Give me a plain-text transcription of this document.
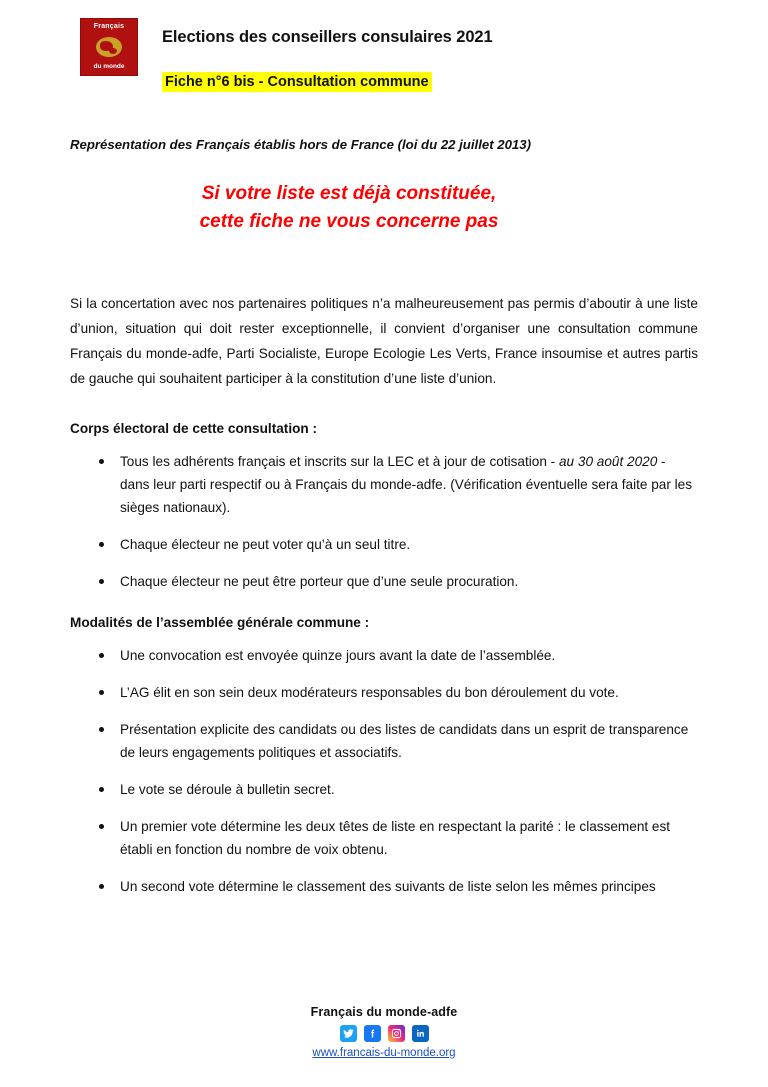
Français
du monde
Elections des conseillers consulaires 2021
Fiche n°6 bis - Consultation commune
Représentation des Français établis hors de France (loi du 22 juillet 2013)
Si votre liste est déjà constituée,
cette fiche ne vous concerne pas
Si la concertation avec nos partenaires politiques n’a malheureusement pas permis d’aboutir à une liste d’union, situation qui doit rester exceptionnelle, il convient d’organiser une consultation commune Français du monde-adfe, Parti Socialiste, Europe Ecologie Les Verts, France insoumise et autres partis de gauche qui souhaitent participer à la constitution d’une liste d’union.
Corps électoral de cette consultation :
Tous les adhérents français et inscrits sur la LEC et à jour de cotisation - au 30 août 2020 - dans leur parti respectif ou à Français du monde-adfe. (Vérification éventuelle sera faite par les sièges nationaux).
Chaque électeur ne peut voter qu’à un seul titre.
Chaque électeur ne peut être porteur que d’une seule procuration.
Modalités de l’assemblée générale commune :
Une convocation est envoyée quinze jours avant la date de l’assemblée.
L’AG élit en son sein deux modérateurs responsables du bon déroulement du vote.
Présentation explicite des candidats ou des listes de candidats dans un esprit de transparence de leurs engagements politiques et associatifs.
Le vote se déroule à bulletin secret.
Un premier vote détermine les deux têtes de liste en respectant la parité : le classement est établi en fonction du nombre de voix obtenu.
Un second vote détermine le classement des suivants de liste selon les mêmes principes
Français du monde-adfe
www.francais-du-monde.org
